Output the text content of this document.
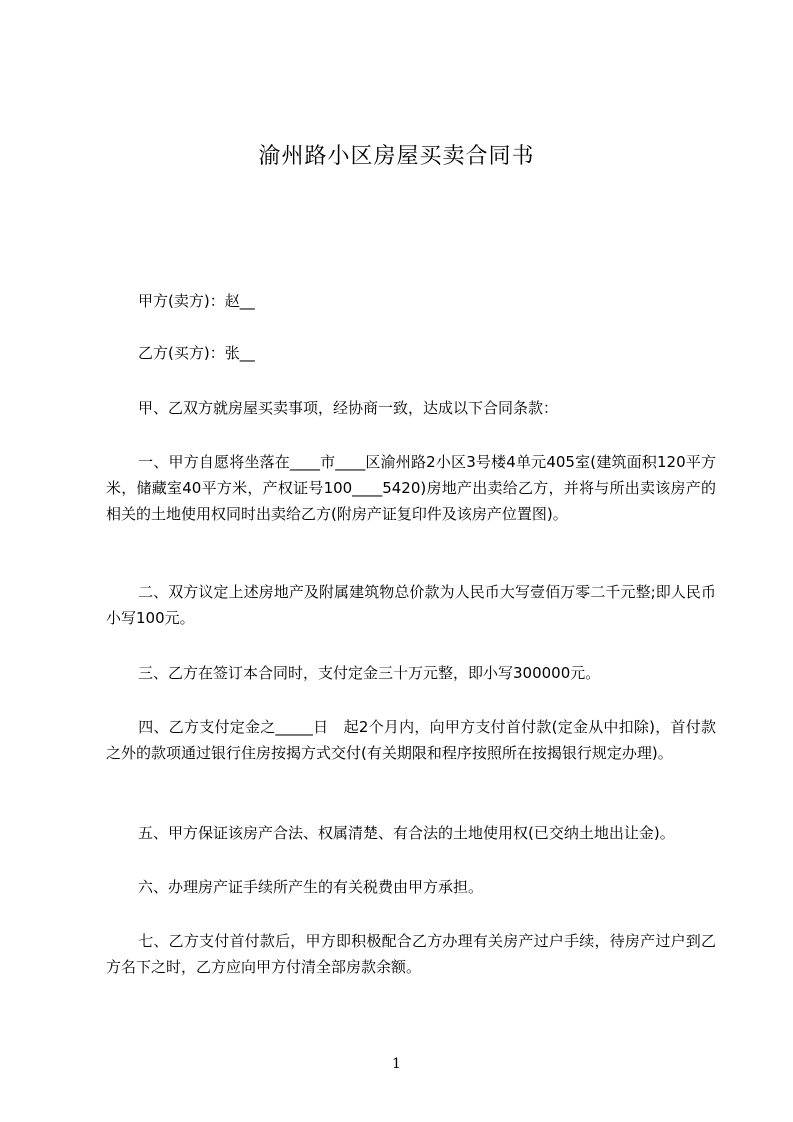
渝州路小区房屋买卖合同书
甲方(卖方)：赵__
乙方(买方)：张__
甲、乙双方就房屋买卖事项，经协商一致，达成以下合同条款：
一、甲方自愿将坐落在____市____区渝州路2小区3号楼4单元405室(建筑面积120平方米，储藏室40平方米，产权证号100____5420)房地产出卖给乙方，并将与所出卖该房产的相关的土地使用权同时出卖给乙方(附房产证复印件及该房产位置图)。
二、双方议定上述房地产及附属建筑物总价款为人民币大写壹佰万零二千元整;即人民币小写100元。
三、乙方在签订本合同时，支付定金三十万元整，即小写300000元。
四、乙方支付定金之_____日　起2个月内，向甲方支付首付款(定金从中扣除)，首付款之外的款项通过银行住房按揭方式交付(有关期限和程序按照所在按揭银行规定办理)。
五、甲方保证该房产合法、权属清楚、有合法的土地使用权(已交纳土地出让金)。
六、办理房产证手续所产生的有关税费由甲方承担。
七、乙方支付首付款后，甲方即积极配合乙方办理有关房产过户手续，待房产过户到乙方名下之时，乙方应向甲方付清全部房款余额。
1
